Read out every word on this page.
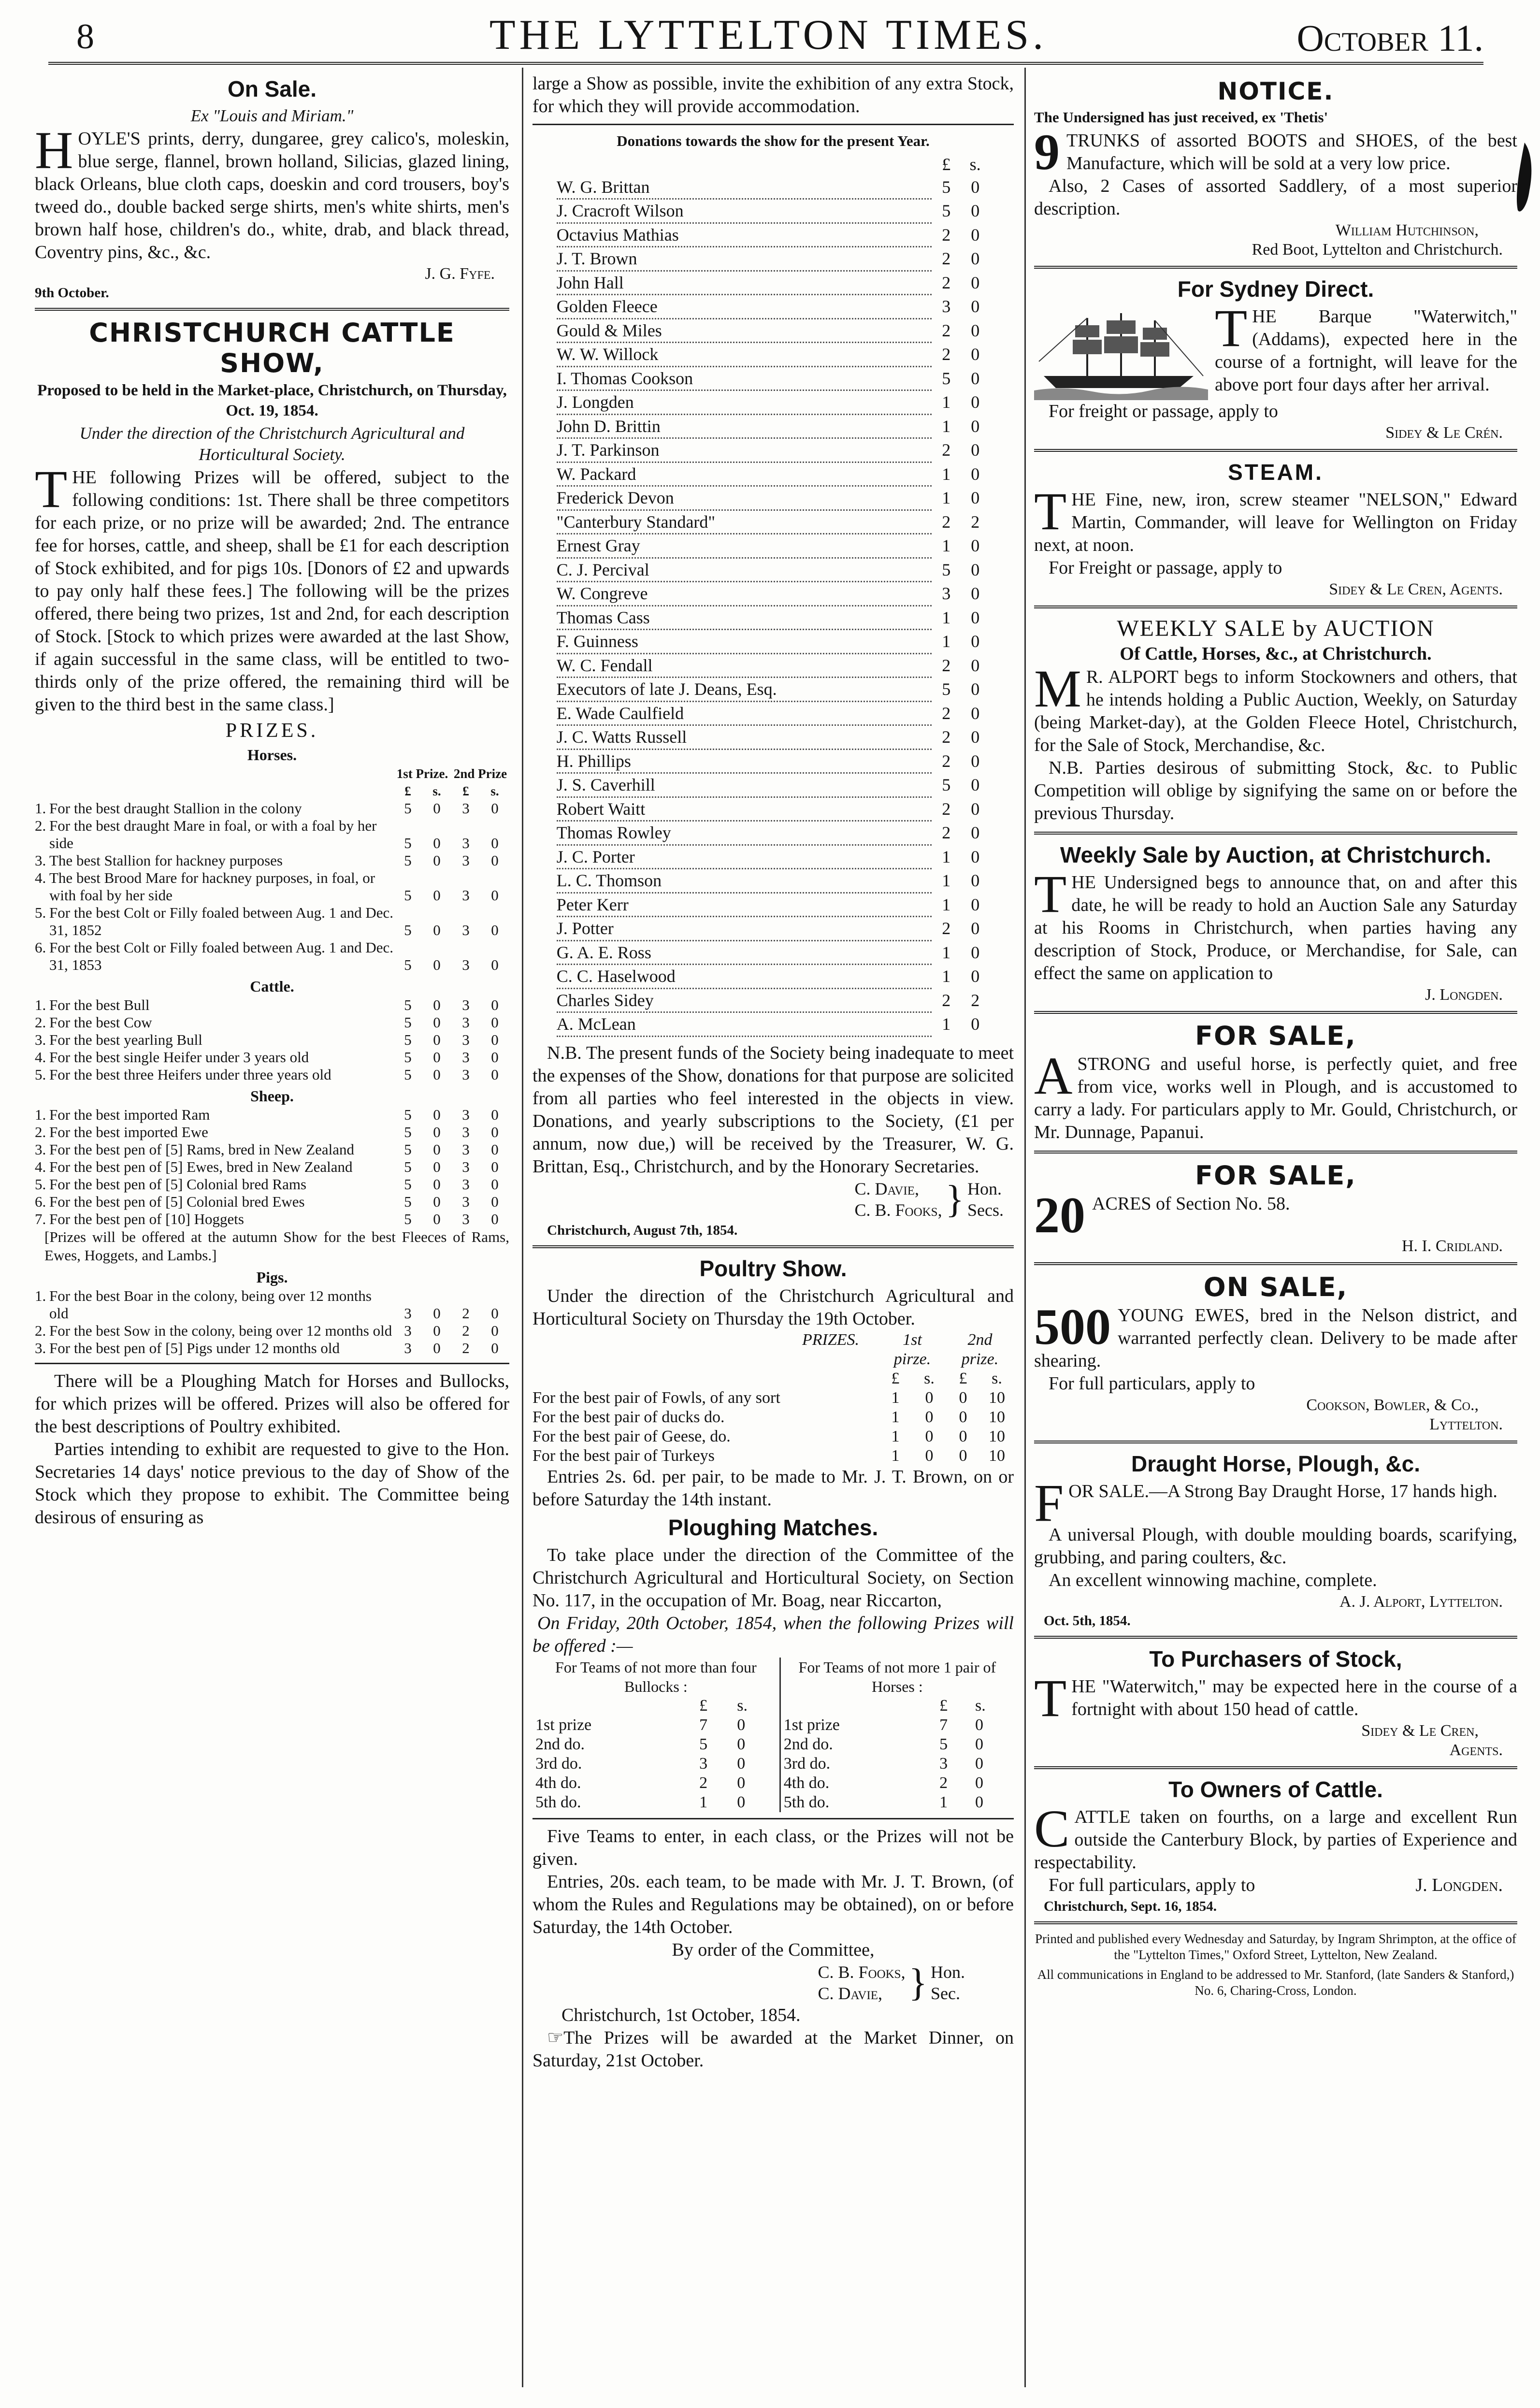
8	THE LYTTELTON TIMES.	October 11.
On Sale.
Ex "Louis and Miriam."

HOYLE'S prints, derry, dungaree, grey calico's, moleskin, blue serge, flannel, brown holland, Silicias, glazed lining, black Orleans, blue cloth caps, doeskin and cord trousers, boy's tweed do., double backed serge shirts, men's white shirts, men's brown half hose, children's do., white, drab, and black thread, Coventry pins, &c., &c.

J. G. Fyfe.
9th October.
CHRISTCHURCH CATTLE SHOW,
Proposed to be held in the Market-place, Christchurch, on Thursday, Oct. 19, 1854.
Under the direction of the Christchurch Agricultural and Horticultural Society.

THE following Prizes will be offered, subject to the following conditions: 1st. There shall be three competitors for each prize, or no prize will be awarded; 2nd. The entrance fee for horses, cattle, and sheep, shall be £1 for each description of Stock exhibited, and for pigs 10s. [Donors of £2 and upwards to pay only half these fees.] The following will be the prizes offered, there being two prizes, 1st and 2nd, for each description of Stock. [Stock to which prizes were awarded at the last Show, if again successful in the same class, will be entitled to two-thirds only of the prize offered, the remaining third will be given to the third best in the same class.]

PRIZES.
Horses.
		1st Prize.		2nd Prize	
		£	s.	£	s.
1.	For the best draught Stallion in the colony	5	0	3	0
2.	For the best draught Mare in foal, or with a foal by her side	5	0	3	0
3.	The best Stallion for hackney purposes	5	0	3	0
4.	The best Brood Mare for hackney purposes, in foal, or with foal by her side	5	0	3	0
5.	For the best Colt or Filly foaled between Aug. 1 and Dec. 31, 1852	5	0	3	0
6.	For the best Colt or Filly foaled between Aug. 1 and Dec. 31, 1853	5	0	3	0
Cattle.
1.	For the best Bull	5	0	3	0
2.	For the best Cow	5	0	3	0
3.	For the best yearling Bull	5	0	3	0
4.	For the best single Heifer under 3 years old	5	0	3	0
5.	For the best three Heifers under three years old	5	0	3	0
Sheep.
1.	For the best imported Ram	5	0	3	0
2.	For the best imported Ewe	5	0	3	0
3.	For the best pen of [5] Rams, bred in New Zealand	5	0	3	0
4.	For the best pen of [5] Ewes, bred in New Zealand	5	0	3	0
5.	For the best pen of [5] Colonial bred Rams	5	0	3	0
6.	For the best pen of [5] Colonial bred Ewes	5	0	3	0
7.	For the best pen of [10] Hoggets	5	0	3	0

[Prizes will be offered at the autumn Show for the best Fleeces of Rams, Ewes, Hoggets, and Lambs.]

Pigs.
1.	For the best Boar in the colony, being over 12 months old	3	0	2	0
2.	For the best Sow in the colony, being over 12 months old	3	0	2	0
3.	For the best pen of [5] Pigs under 12 months old	3	0	2	0

There will be a Ploughing Match for Horses and Bullocks, for which prizes will be offered. Prizes will also be offered for the best descriptions of Poultry exhibited.

Parties intending to exhibit are requested to give to the Hon. Secretaries 14 days' notice previous to the day of Show of the Stock which they propose to exhibit. The Committee being desirous of ensuring as

large a Show as possible, invite the exhibition of any extra Stock, for which they will provide accommodation.

Donations towards the show for the present Year.
	£	s.
W. G. Brittan	5	0
J. Cracroft Wilson	5	0
Octavius Mathias	2	0
J. T. Brown	2	0
John Hall	2	0
Golden Fleece	3	0
Gould & Miles	2	0
W. W. Willock	2	0
I. Thomas Cookson	5	0
J. Longden	1	0
John D. Brittin	1	0
J. T. Parkinson	2	0
W. Packard	1	0
Frederick Devon	1	0
"Canterbury Standard"	2	2
Ernest Gray	1	0
C. J. Percival	5	0
W. Congreve	3	0
Thomas Cass	1	0
F. Guinness	1	0
W. C. Fendall	2	0
Executors of late J. Deans, Esq.	5	0
E. Wade Caulfield	2	0
J. C. Watts Russell	2	0
H. Phillips	2	0
J. S. Caverhill	5	0
Robert Waitt	2	0
Thomas Rowley	2	0
J. C. Porter	1	0
L. C. Thomson	1	0
Peter Kerr	1	0
J. Potter	2	0
G. A. E. Ross	1	0
C. C. Haselwood	1	0
Charles Sidey	2	2
A. McLean	1	0

N.B. The present funds of the Society being inadequate to meet the expenses of the Show, donations for that purpose are solicited from all parties who feel interested in the objects in view. Donations, and yearly subscriptions to the Society, (£1 per annum, now due,) will be received by the Treasurer, W. G. Brittan, Esq., Christchurch, and by the Honorary Secretaries.

C. Davie,	}	Hon.
C. B. Fooks,		Secs.
Christchurch, August 7th, 1854.
Poultry Show.

Under the direction of the Christchurch Agricultural and Horticultural Society on Thursday the 19th October.

PRIZES.	1st		2nd	
	pirze.		prize.	
	£	s.	£	s.
For the best pair of Fowls, of any sort	1	0	0	10
For the best pair of ducks do.	1	0	0	10
For the best pair of Geese, do.	1	0	0	10
For the best pair of Turkeys	1	0	0	10

Entries 2s. 6d. per pair, to be made to Mr. J. T. Brown, on or before Saturday the 14th instant.

Ploughing Matches.

To take place under the direction of the Committee of the Christchurch Agricultural and Horticultural Society, on Section No. 117, in the occupation of Mr. Boag, near Riccarton,

On Friday, 20th October, 1854, when the following Prizes will be offered :—

For Teams of not more than four Bullocks :			For Teams of not more 1 pair of Horses :		
	£	s.		£	s.
1st prize	7	0	1st prize	7	0
2nd do.	5	0	2nd do.	5	0
3rd do.	3	0	3rd do.	3	0
4th do.	2	0	4th do.	2	0
5th do.	1	0	5th do.	1	0

Five Teams to enter, in each class, or the Prizes will not be given.

Entries, 20s. each team, to be made with Mr. J. T. Brown, (of whom the Rules and Regulations may be obtained), on or before Saturday, the 14th October.

By order of the Committee,
C. B. Fooks,	}	Hon.
C. Davie,		Sec.
Christchurch, 1st October, 1854.

☞The Prizes will be awarded at the Market Dinner, on Saturday, 21st October.

NOTICE.
The Undersigned has just received, ex 'Thetis'

9 TRUNKS of assorted BOOTS and SHOES, of the best Manufacture, which will be sold at a very low price.

Also, 2 Cases of assorted Saddlery, of a most superior description.

William Hutchinson,
Red Boot, Lyttelton and Christchurch.
For Sydney Direct.

THE Barque "Waterwitch," (Addams), expected here in the course of a fortnight, will leave for the above port four days after her arrival.

For freight or passage, apply to

Sidey & Le Crén.
STEAM.

THE Fine, new, iron, screw steamer "NELSON," Edward Martin, Commander, will leave for Wellington on Friday next, at noon.

For Freight or passage, apply to

Sidey & Le Cren, Agents.
WEEKLY SALE by AUCTION
Of Cattle, Horses, &c., at Christchurch.

M R. ALPORT begs to inform Stockowners and others, that he intends holding a Public Auction, Weekly, on Saturday (being Market-day), at the Golden Fleece Hotel, Christchurch, for the Sale of Stock, Merchandise, &c.

N.B. Parties desirous of submitting Stock, &c. to Public Competition will oblige by signifying the same on or before the previous Thursday.

Weekly Sale by Auction, at Christchurch.

THE Undersigned begs to announce that, on and after this date, he will be ready to hold an Auction Sale any Saturday at his Rooms in Christchurch, when parties having any description of Stock, Produce, or Merchandise, for Sale, can effect the same on application to

J. Longden.
FOR SALE,

ASTRONG and useful horse, is perfectly quiet, and free from vice, works well in Plough, and is accustomed to carry a lady. For particulars apply to Mr. Gould, Christchurch, or Mr. Dunnage, Papanui.

FOR SALE,

20 ACRES of Section No. 58.

H. I. Cridland.
ON SALE,

500 YOUNG EWES, bred in the Nelson district, and warranted perfectly clean. Delivery to be made after shearing.

For full particulars, apply to

Cookson, Bowler, & Co.,
Lyttelton.
Draught Horse, Plough, &c.

FOR SALE.—A Strong Bay Draught Horse, 17 hands high.

A universal Plough, with double moulding boards, scarifying, grubbing, and paring coulters, &c.

An excellent winnowing machine, complete.

A. J. Alport, Lyttelton.
Oct. 5th, 1854.
To Purchasers of Stock,

THE "Waterwitch," may be expected here in the course of a fortnight with about 150 head of cattle.

Sidey & Le Cren,
Agents.
To Owners of Cattle.

CATTLE taken on fourths, on a large and excellent Run outside the Canterbury Block, by parties of Experience and respectability.

For full particulars, apply to	J. Longden.

Christchurch, Sept. 16, 1854.
Printed and published every Wednesday and Saturday, by Ingram Shrimpton, at the office of the "Lyttelton Times," Oxford Street, Lyttelton, New Zealand.
All communications in England to be addressed to Mr. Stanford, (late Sanders & Stanford,) No. 6, Charing-Cross, London.
